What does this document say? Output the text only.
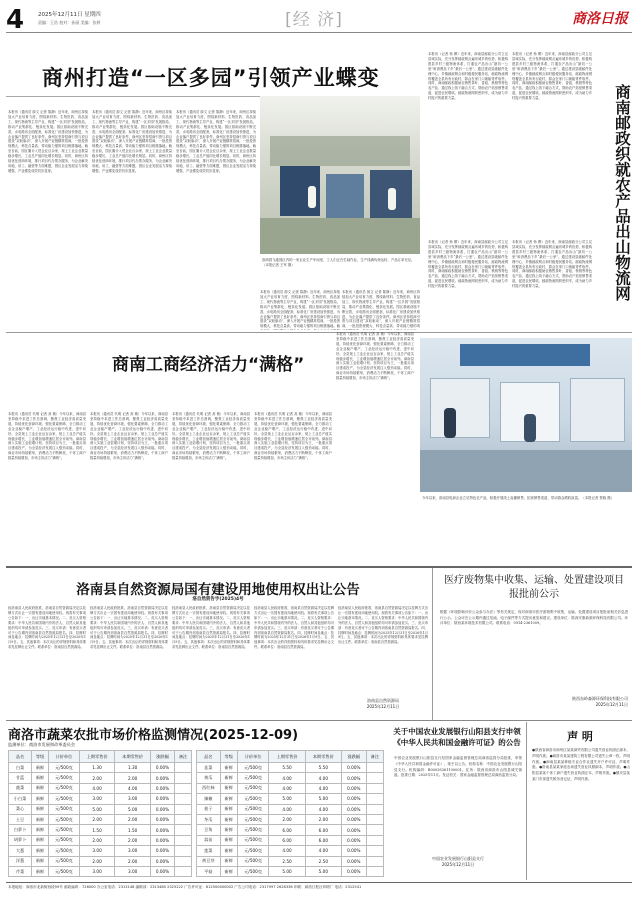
4	2025年12月11日 星期四
责编：王浩 校对：孙丽 美编：张婷	[经 济]	商洛日报
商州打造“一区多园”引领产业蝶变
本报讯（通讯员 薛文 记者 陈静）近年来，商州区持续加大产业培育力度，围绕新材料、生物医药、食品加工、现代物流等主导产业，构建“一区多园”发展格局，推动产业集群化、链条化发展。园区基础设施不断完善，水电路讯全面配套，标准化厂房建设加快推进，为企业落户提供了良好条件。商州区坚持招商引资与项目建设“双轮驱动”，深入开展产业链精准招商，一批投资规模大、科技含量高、带动能力强的项目相继落地。截至目前，园区累计入驻企业百余家，规上工业企业数量稳步增长，工业总产值同比增长明显。同时，商州区持续优化营商环境，推行项目代办帮办服务，为企业解决用地、用工、融资等方面难题，园区企业发展活力持续增强，产业蝶变成效初步显现。
本报讯（通讯员 薛文 记者 陈静）近年来，商州区持续加大产业培育力度，围绕新材料、生物医药、食品加工、现代物流等主导产业，构建“一区多园”发展格局，推动产业集群化、链条化发展。园区基础设施不断完善，水电路讯全面配套，标准化厂房建设加快推进，为企业落户提供了良好条件。商州区坚持招商引资与项目建设“双轮驱动”，深入开展产业链精准招商，一批投资规模大、科技含量高、带动能力强的项目相继落地。截至目前，园区累计入驻企业百余家，规上工业企业数量稳步增长，工业总产值同比增长明显。同时，商州区持续优化营商环境，推行项目代办帮办服务，为企业解决用地、用工、融资等方面难题，园区企业发展活力持续增强，产业蝶变成效初步显现。
本报讯（通讯员 薛文 记者 陈静）近年来，商州区持续加大产业培育力度，围绕新材料、生物医药、食品加工、现代物流等主导产业，构建“一区多园”发展格局，推动产业集群化、链条化发展。园区基础设施不断完善，水电路讯全面配套，标准化厂房建设加快推进，为企业落户提供了良好条件。商州区坚持招商引资与项目建设“双轮驱动”，深入开展产业链精准招商，一批投资规模大、科技含量高、带动能力强的项目相继落地。截至目前，园区累计入驻企业百余家，规上工业企业数量稳步增长，工业总产值同比增长明显。同时，商州区持续优化营商环境，推行项目代办帮办服务，为企业解决用地、用工、融资等方面难题，园区企业发展活力持续增强，产业蝶变成效初步显现。
洛商园飞地园区内的一家企业生产车间里，工人们正在忙碌作业，生产线满负荷运转，产品订单充足。（本报记者 王军 摄）
本报讯（通讯员 薛文 记者 陈静）近年来，商州区持续加大产业培育力度，围绕新材料、生物医药、食品加工、现代物流等主导产业，构建“一区多园”发展格局，推动产业集群化、链条化发展。园区基础设施不断完善，水电路讯全面配套，标准化厂房建设加快推进，为企业落户提供了良好条件。商州区坚持招商引资与项目建设“双轮驱动”，深入开展产业链精准招商，一批投资规模大、科技含量高、带动能力强的项目相继落地。截
本报讯（通讯员 薛文 记者 陈静）近年来，商州区持续加大产业培育力度，围绕新材料、生物医药、食品加工、现代物流等主导产业，构建“一区多园”发展格局，推动产业集群化、链条化发展。园区基础设施不断完善，水电路讯全面配套，标准化厂房建设加快推进，为企业落户提供了良好条件。商州区坚持招商引资与项目建设“双轮驱动”，深入开展产业链精准招商，一批投资规模大、科技含量高、带动能力强的项
本报讯（记者 杨 柳）近年来，商南县邮政分公司立足县域实际，充分发挥邮政网点遍布城乡的优势，积极构建县乡村三级物流体系，打通农产品出山“最初一公里”和消费品下乡“最后一公里”。通过建设县级邮件处理中心、乡镇邮政网点和村级便民服务站，邮政物流网络覆盖全县所有行政村，群众在家门口就能寄件取件。同时，商南邮政积极助农销售茶叶、香菇、核桃等特色农产品，通过线上线下融合方式，帮助农户拓宽销售渠道，促进农民增收。邮政物流网织密织牢，成为助力乡村振兴的重要力量。
本报讯（记者 杨 柳）近年来，商南县邮政分公司立足县域实际，充分发挥邮政网点遍布城乡的优势，积极构建县乡村三级物流体系，打通农产品出山“最初一公里”和消费品下乡“最后一公里”。通过建设县级邮件处理中心、乡镇邮政网点和村级便民服务站，邮政物流网络覆盖全县所有行政村，群众在家门口就能寄件取件。同时，商南邮政积极助农销售茶叶、香菇、核桃等特色农产品，通过线上线下融合方式，帮助农户拓宽销售渠道，促进农民增收。邮政物流网织密织牢，成为助力乡村振兴的重要力量。	商南邮政织就农产品出山物流网
本报讯（记者 杨 柳）近年来，商南县邮政分公司立足县域实际，充分发挥邮政网点遍布城乡的优势，积极构建县乡村三级物流体系，打通农产品出山“最初一公里”和消费品下乡“最后一公里”。通过建设县级邮件处理中心、乡镇邮政网点和村级便民服务站，邮政物流网络覆盖全县所有行政村，群众在家门口就能寄件取件。同时，商南邮政积极助农销售茶叶、香菇、核桃等特色农产品，通过线上线下融合方式，帮助农户拓宽销售渠道，促进农民增收。邮政物流网织密织牢，成为助力乡村振兴的重要力量。
本报讯（记者 杨 柳）近年来，商南县邮政分公司立足县域实际，充分发挥邮政网点遍布城乡的优势，积极构建县乡村三级物流体系，打通农产品出山“最初一公里”和消费品下乡“最后一公里”。通过建设县级邮件处理中心、乡镇邮政网点和村级便民服务站，邮政物流网络覆盖全县所有行政村，群众在家门口就能寄件取件。同时，商南邮政积极助农销售茶叶、香菇、核桃等特色农产品，通过线上线下融合方式，帮助农户拓宽销售渠道，促进农民增收。邮政物流网织密织牢，成为助力乡村振兴的重要力量。
商南工商经济活力“满格”
本报讯（通讯员 代明 记者 高 敏）今年以来，商南县坚持稳中求进工作总基调，聚焦工业经济高质量发展，持续优化营商环境，强化要素保障，全力推动工业企业稳产增产，工业经济运行稳中有进、进中向好。全县规上工业企业达百余家，规上工业总产值实现稳步增长，工业增加值增速位居全市前列。商南县深入实施工业倍增计划，坚持项目为王，一批重点项目建成投产，为全县经济发展注入强劲动能。同时，商业市场持续繁荣，消费活力不断释放，个体工商户数量持续增加，市场主体活力“满格”。
本报讯（通讯员 代明 记者 高 敏）今年以来，商南县坚持稳中求进工作总基调，聚焦工业经济高质量发展，持续优化营商环境，强化要素保障，全力推动工业企业稳产增产，工业经济运行稳中有进、进中向好。全县规上工业企业达百余家，规上工业总产值实现稳步增长，工业增加值增速位居全市前列。商南县深入实施工业倍增计划，坚持项目为王，一批重点项目建成投产，为全县经济发展注入强劲动能。同时，商业市场持续繁荣，消费活力不断释放，个体工商户数量持续增加，市场主体活力“满格”。
本报讯（通讯员 代明 记者 高 敏）今年以来，商南县坚持稳中求进工作总基调，聚焦工业经济高质量发展，持续优化营商环境，强化要素保障，全力推动工业企业稳产增产，工业经济运行稳中有进、进中向好。全县规上工业企业达百余家，规上工业总产值实现稳步增长，工业增加值增速位居全市前列。商南县深入实施工业倍增计划，坚持项目为王，一批重点项目建成投产，为全县经济发展注入强劲动能。同时，商业市场持续繁荣，消费活力不断释放，个体工商户数量持续增加，市场主体活力“满格”。
本报讯（通讯员 代明 记者 高 敏）今年以来，商南县坚持稳中求进工作总基调，聚焦工业经济高质量发展，持续优化营商环境，强化要素保障，全力推动工业企业稳产增产，工业经济运行稳中有进、进中向好。全县规上工业企业达百余家，规上工业总产值实现稳步增长，工业增加值增速位居全市前列。商南县深入实施工业倍增计划，坚持项目为王，一批重点项目建成投产，为全县经济发展注入强劲动能。同时，商业市场持续繁荣，消费活力不断释放，个体工商户数量持续增加，市场主体活力“满格”。
本报讯（通讯员 代明 记者 高 敏）今年以来，商南县坚持稳中求进工作总基调，聚焦工业经济高质量发展，持续优化营商环境，强化要素保障，全力推动工业企业稳产增产，工业经济运行稳中有进、进中向好。全县规上工业企业达百余家，规上工业总产值实现稳步增长，工业增加值增速位居全市前列。商南县深入实施工业倍增计划，坚持项目为王，一批重点项目建成投产，为全县经济发展注入强劲动能。同时，商业市场持续繁荣，消费活力不断释放，个体工商户数量持续增加，市场主体活力“满格”。
今年以来，洛南县电商企业立足特色农产品，积极开展线上直播销售，拓宽销售渠道，带动群众增收致富。（本报记者 贾晓 摄）
洛南县自然资源局国有建设用地使用权出让公告
洛自然资告字(2025)4号
经洛南县人民政府批准，洛南县自然资源局决定以挂牌方式出让一宗国有建设用地使用权。现将有关事项公告如下：一、出让宗地基本情况。二、竞买人资格要求：中华人民共和国境内外的法人、自然人和其他组织均可申请参加竞买。三、竞买申请：有意竞买者可于公告期内到洛南县自然资源局报名。四、挂牌时间及地点：挂牌时间为2025年12月31日至2026年1月9日。五、其他事项：本次出让的详细资料和具体要求见挂牌出让文件。联系单位：洛南县自然资源局。
经洛南县人民政府批准，洛南县自然资源局决定以挂牌方式出让一宗国有建设用地使用权。现将有关事项公告如下：一、出让宗地基本情况。二、竞买人资格要求：中华人民共和国境内外的法人、自然人和其他组织均可申请参加竞买。三、竞买申请：有意竞买者可于公告期内到洛南县自然资源局报名。四、挂牌时间及地点：挂牌时间为2025年12月31日至2026年1月9日。五、其他事项：本次出让的详细资料和具体要求见挂牌出让文件。联系单位：洛南县自然资源局。
经洛南县人民政府批准，洛南县自然资源局决定以挂牌方式出让一宗国有建设用地使用权。现将有关事项公告如下：一、出让宗地基本情况。二、竞买人资格要求：中华人民共和国境内外的法人、自然人和其他组织均可申请参加竞买。三、竞买申请：有意竞买者可于公告期内到洛南县自然资源局报名。四、挂牌时间及地点：挂牌时间为2025年12月31日至2026年1月9日。五、其他事项：本次出让的详细资料和具体要求见挂牌出让文件。联系单位：洛南县自然资源局。
经洛南县人民政府批准，洛南县自然资源局决定以挂牌方式出让一宗国有建设用地使用权。现将有关事项公告如下：一、出让宗地基本情况。二、竞买人资格要求：中华人民共和国境内外的法人、自然人和其他组织均可申请参加竞买。三、竞买申请：有意竞买者可于公告期内到洛南县自然资源局报名。四、挂牌时间及地点：挂牌时间为2025年12月31日至2026年1月9日。五、其他事项：本次出让的详细资料和具体要求见挂牌出让文件。联系单位：洛南县自然资源局。
经洛南县人民政府批准，洛南县自然资源局决定以挂牌方式出让一宗国有建设用地使用权。现将有关事项公告如下：一、出让宗地基本情况。二、竞买人资格要求：中华人民共和国境内外的法人、自然人和其他组织均可申请参加竞买。三、竞买申请：有意竞买者可于公告期内到洛南县自然资源局报名。四、挂牌时间及地点：挂牌时间为2025年12月31日至2026年1月9日。五、其他事项：本次出让的详细资料和具体要求见挂牌出让文件。联系单位：洛南县自然资源局。
洛南县自然资源局
2025年12月11日
医疗废物集中收集、运输、处置建设项目报批前公示
根据《环境影响评价公众参与办法》等有关规定，现对商洛市医疗废物集中收集、运输、处置建设项目报批前相关信息进行公示。公众可在公示期内通过信函、电子邮件等方式提出意见和建议。建设单位：陕西安康新源环保科技有限公司。环评单位：陕西某环境技术有限公司。联系电话：0914-2361009。
陕西东岭森源环保科技有限公司
2025年12月11日
商洛市蔬菜农批市场价格监测情况(2025-12-09)
监测单位：商洛市发展和改革委员会
品名	等级	计价单位	上期零售价	本期零售价	涨跌幅	备注
白菜	新鲜	元/500克	1.30	1.30	0.00%	
甘蓝	新鲜	元/500克	2.00	2.00	0.00%	
菠菜	新鲜	元/500克	4.00	4.00	0.00%	
小白菜	新鲜	元/500克	3.00	3.00	0.00%	
菜心	新鲜	元/500克	5.00	5.00	0.00%	
土豆	新鲜	元/500克	2.00	2.00	0.00%	
白萝卜	新鲜	元/500克	1.50	1.50	0.00%	
胡萝卜	新鲜	元/500克	2.00	2.00	0.00%	
大葱	新鲜	元/500克	3.00	3.00	0.00%	
洋葱	新鲜	元/500克	2.00	2.00	0.00%	
芹菜	新鲜	元/500克	3.00	3.00	0.00%	
品名	等级	计价单位	上期零售价	本期零售价	涨跌幅	备注
韭菜	新鲜	元/500克	5.50	5.50	0.00%	
黄瓜	新鲜	元/500克	4.00	4.00	0.00%	
西红柿	新鲜	元/500克	4.00	4.00	0.00%	
辣椒	新鲜	元/500克	5.00	5.00	0.00%	
茄子	新鲜	元/500克	4.00	4.00	0.00%	
冬瓜	新鲜	元/500克	2.00	2.00	0.00%	
豆角	新鲜	元/500克	6.00	6.00	0.00%	
蒜苗	新鲜	元/500克	6.00	6.00	0.00%	
莲菜	新鲜	元/500克	4.00	4.00	0.00%	
黄豆芽	新鲜	元/500克	2.50	2.50	0.00%	
平菇	新鲜	元/500克	5.00	5.00	0.00%	
关于中国农业发展银行山阳县支行申领《中华人民共和国金融许可证》的公告
中国农业发展银行山阳县支行经国家金融监督管理总局商洛监管分局批准，申领《中华人民共和国金融许可证》，现予以公告。机构名称：中国农业发展银行山阳县支行。机构编码：B0003S361100001。住所：陕西省商洛市山阳县城关街道。批准日期：2025年11月。发证机关：国家金融监督管理总局商洛监管分局。
中国农业发展银行山阳县支行
2025年12月11日
声 明
●陕西省商洛市商州区某某商贸有限公司遗失营业执照正副本，声明作废。●商洛市某某建筑工程有限公司遗失公章一枚，声明作废。●商南县某某种植专业合作社遗失开户许可证，声明作废。●洛南县某某家庭农场遗失营业执照副本，声明作废。●山阳县某某个体工商户遗失营业执照正本，声明作废。●镇安县某某门市部遗失税务登记证，声明作废。
本报地址：商洛市北新街西段59号 邮政编码：726000 办公室电话：2313148 编辑部：2313480 2325222 广告许可证：612500400002 广告公司电话：2317997 2628336 印刷：商洛日报社印刷厂 电话：2312541
